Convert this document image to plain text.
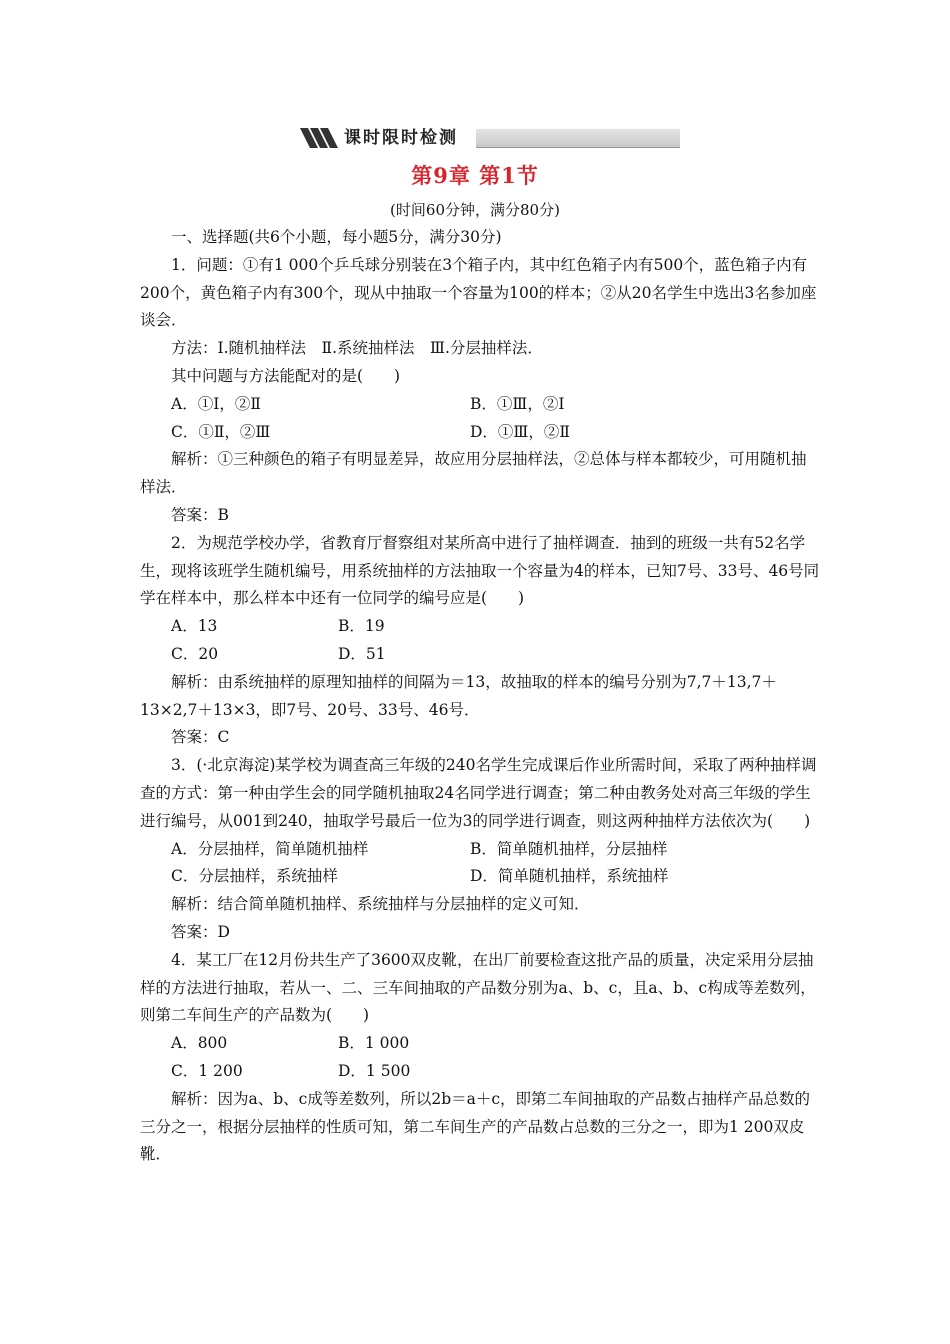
课时限时检测
第9章 第1节
(时间60分钟，满分80分)

一、选择题(共6个小题，每小题5分，满分30分)

1．问题：①有1 000个乒乓球分别装在3个箱子内，其中红色箱子内有500个，蓝色箱子内有200个，黄色箱子内有300个，现从中抽取一个容量为100的样本；②从20名学生中选出3名参加座谈会．

方法：Ⅰ.随机抽样法　Ⅱ.系统抽样法　Ⅲ.分层抽样法．

其中问题与方法能配对的是(　　)

A．①Ⅰ，②Ⅱ	B．①Ⅲ，②Ⅰ
C．①Ⅱ，②Ⅲ	D．①Ⅲ，②Ⅱ

解析：①三种颜色的箱子有明显差异，故应用分层抽样法，②总体与样本都较少，可用随机抽样法．

答案：B

2．为规范学校办学，省教育厅督察组对某所高中进行了抽样调查．抽到的班级一共有52名学生，现将该班学生随机编号，用系统抽样的方法抽取一个容量为4的样本，已知7号、33号、46号同学在样本中，那么样本中还有一位同学的编号应是(　　)

A．13	B．19
C．20	D．51

解析：由系统抽样的原理知抽样的间隔为＝13，故抽取的样本的编号分别为7,7＋13,7＋13×2,7＋13×3，即7号、20号、33号、46号．

答案：C

3．(·北京海淀)某学校为调查高三年级的240名学生完成课后作业所需时间，采取了两种抽样调查的方式：第一种由学生会的同学随机抽取24名同学进行调查；第二种由教务处对高三年级的学生进行编号，从001到240，抽取学号最后一位为3的同学进行调查，则这两种抽样方法依次为(　　)

A．分层抽样，简单随机抽样	B．简单随机抽样，分层抽样
C．分层抽样，系统抽样	D．简单随机抽样，系统抽样

解析：结合简单随机抽样、系统抽样与分层抽样的定义可知．

答案：D

4．某工厂在12月份共生产了3600双皮靴，在出厂前要检查这批产品的质量，决定采用分层抽样的方法进行抽取，若从一、二、三车间抽取的产品数分别为a、b、c，且a、b、c构成等差数列，则第二车间生产的产品数为(　　)

A．800	B．1 000
C．1 200	D．1 500

解析：因为a、b、c成等差数列，所以2b＝a＋c，即第二车间抽取的产品数占抽样产品总数的三分之一，根据分层抽样的性质可知，第二车间生产的产品数占总数的三分之一，即为1 200双皮靴．
